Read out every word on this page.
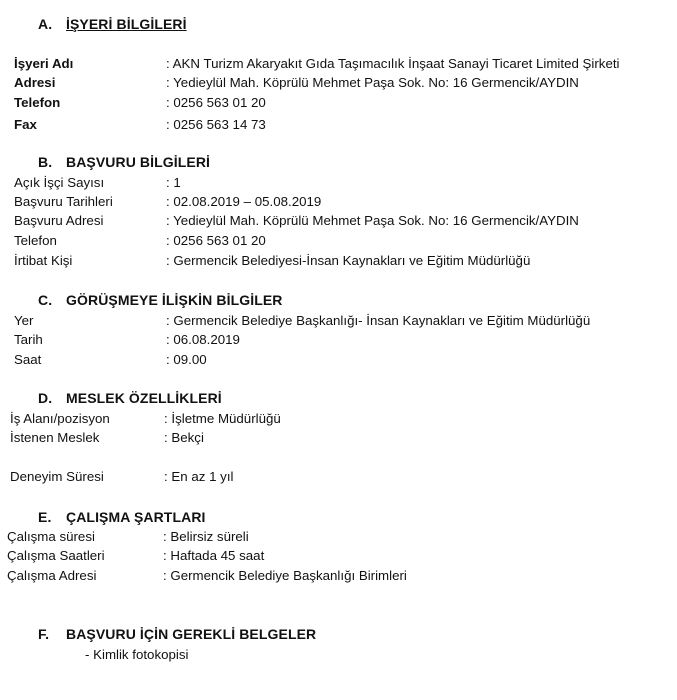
A. İŞYERİ BİLGİLERİ
İşyeri Adı	: AKN Turizm Akaryakıt Gıda Taşımacılık İnşaat Sanayi Ticaret Limited Şirketi
Adresi	: Yedieylül Mah. Köprülü Mehmet Paşa Sok. No: 16 Germencik/AYDIN
Telefon	: 0256 563 01 20
Fax	: 0256 563 14 73
B. BAŞVURU BİLGİLERİ
Açık İşçi Sayısı	: 1
Başvuru Tarihleri	: 02.08.2019 – 05.08.2019
Başvuru Adresi	: Yedieylül Mah. Köprülü Mehmet Paşa Sok. No: 16 Germencik/AYDIN
Telefon	: 0256 563 01 20
İrtibat Kişi	: Germencik Belediyesi-İnsan Kaynakları ve Eğitim Müdürlüğü
C. GÖRÜŞMEYE İLİŞKİN BİLGİLER
Yer	: Germencik Belediye Başkanlığı- İnsan Kaynakları ve Eğitim Müdürlüğü
Tarih	: 06.08.2019
Saat	: 09.00
D. MESLEK ÖZELLİKLERİ
İş Alanı/pozisyon	: İşletme Müdürlüğü
İstenen Meslek	: Bekçi
Deneyim Süresi	: En az 1 yıl
E. ÇALIŞMA ŞARTLARI
Çalışma süresi	: Belirsiz süreli
Çalışma Saatleri	: Haftada 45 saat
Çalışma Adresi	: Germencik Belediye Başkanlığı Birimleri
F. BAŞVURU İÇİN GEREKLİ BELGELER
- Kimlik fotokopisi
